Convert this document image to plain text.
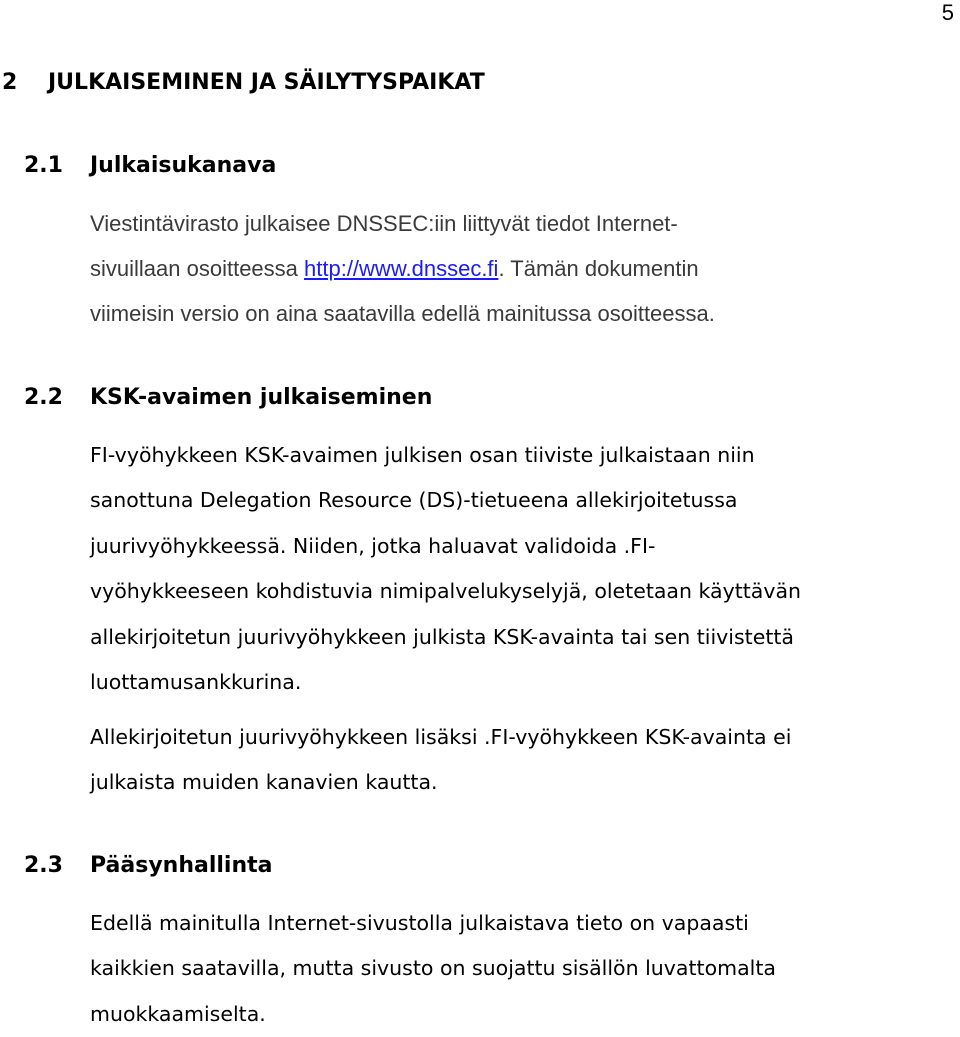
5
2 JULKAISEMINEN JA SÄILYTYSPAIKAT
2.1 Julkaisukanava
Viestintävirasto julkaisee DNSSEC:iin liittyvät tiedot Internet-
sivuillaan osoitteessa http://www.dnssec.fi. Tämän dokumentin
viimeisin versio on aina saatavilla edellä mainitussa osoitteessa.
2.2 KSK-avaimen julkaiseminen
FI-vyöhykkeen KSK-avaimen julkisen osan tiiviste julkaistaan niin
sanottuna Delegation Resource (DS)-tietueena allekirjoitetussa
juurivyöhykkeessä. Niiden, jotka haluavat validoida .FI-
vyöhykkeeseen kohdistuvia nimipalvelukyselyjä, oletetaan käyttävän
allekirjoitetun juurivyöhykkeen julkista KSK-avainta tai sen tiivistettä
luottamusankkurina.
Allekirjoitetun juurivyöhykkeen lisäksi .FI-vyöhykkeen KSK-avainta ei
julkaista muiden kanavien kautta.
2.3 Pääsynhallinta
Edellä mainitulla Internet-sivustolla julkaistava tieto on vapaasti
kaikkien saatavilla, mutta sivusto on suojattu sisällön luvattomalta
muokkaamiselta.
